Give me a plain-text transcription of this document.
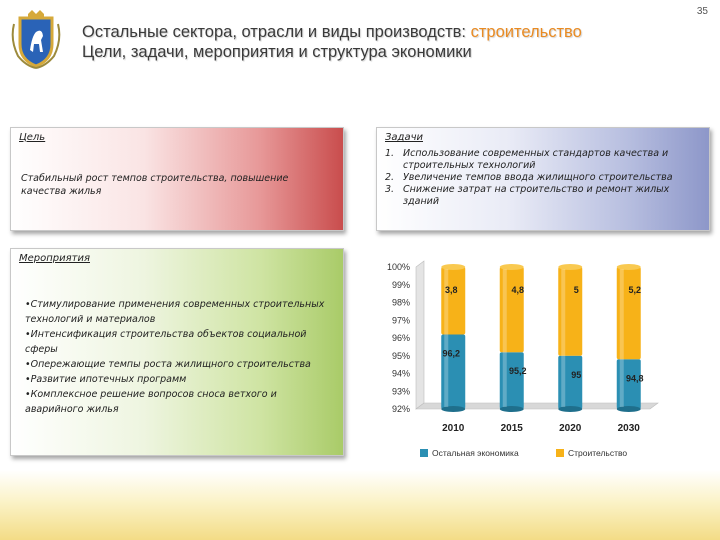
35
Остальные сектора, отрасли и виды производств: строительство
Цели, задачи, мероприятия и структура экономики
Цель
Стабильный рост темпов строительства, повышение качества жилья
Задачи
1. Использование современных стандартов качества и строительных технологий
2. Увеличение темпов ввода жилищного строительства
3. Снижение затрат на строительство и ремонт жилых зданий
Мероприятия
•Стимулирование применения современных строительных технологий и материалов
•Интенсификация строительства объектов социальной сферы
•Опережающие темпы роста жилищного строительства
•Развитие ипотечных программ
•Комплексное решение вопросов сноса ветхого и аварийного жилья	92%
93%
94%
95%
96%
97%
98%
99%
100%
3,8
96,2
2010
4,8
95,2
2015
5
95
2020
5,2
94,8
2030
Остальная экономика	Строительство
